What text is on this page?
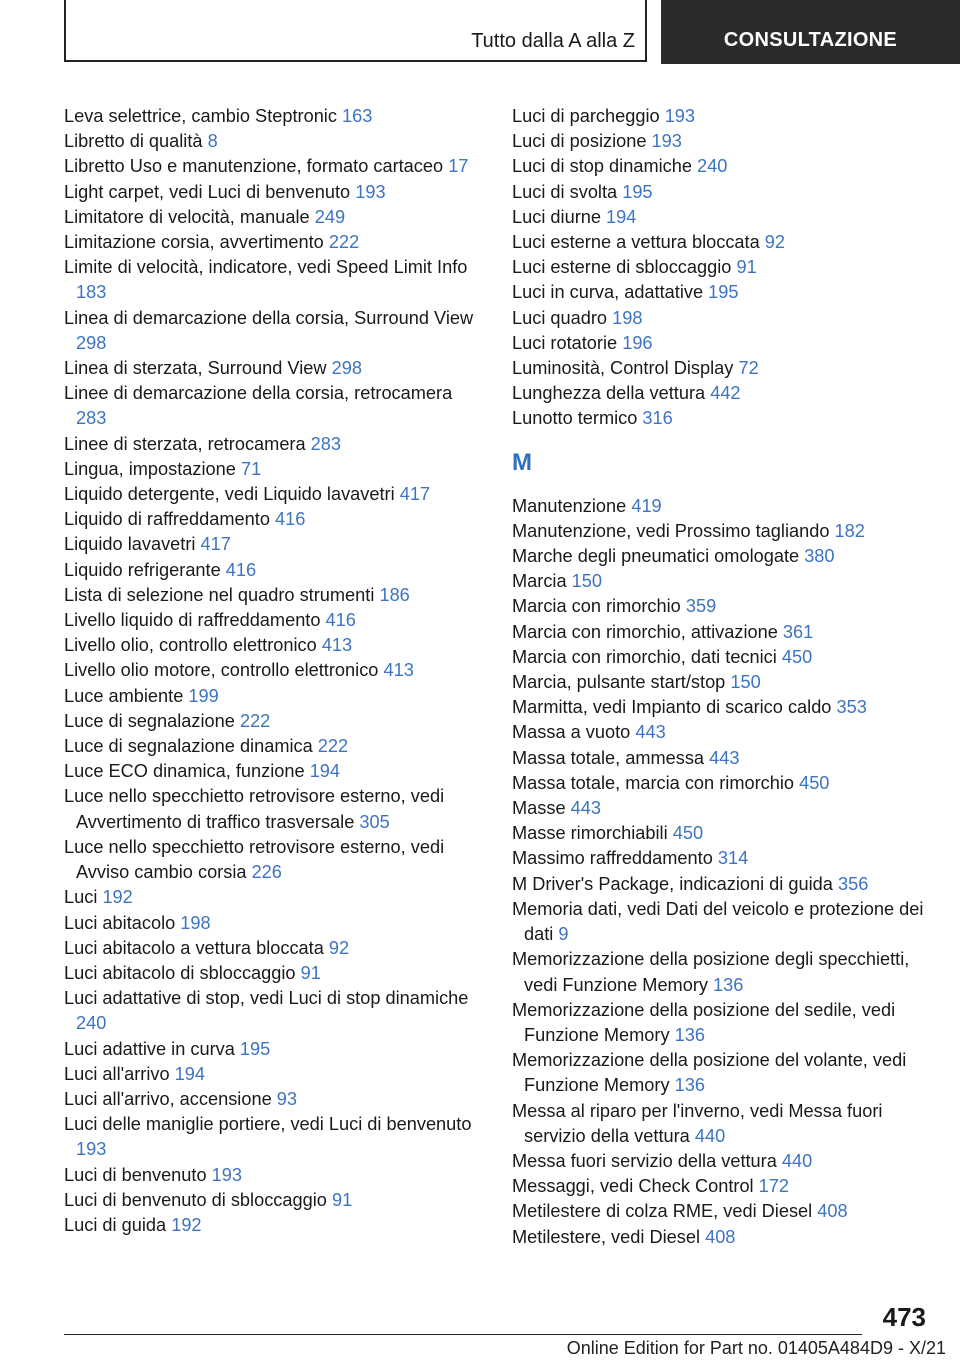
Tutto dalla A alla Z	CONSULTAZIONE
Leva selettrice, cambio Steptronic 163
Libretto di qualità 8
Libretto Uso e manutenzione, formato cartaceo 17
Light carpet, vedi Luci di benvenuto 193
Limitatore di velocità, manuale 249
Limitazione corsia, avvertimento 222
Limite di velocità, indicatore, vedi Speed Limit Info 183
Linea di demarcazione della corsia, Surround View 298
Linea di sterzata, Surround View 298
Linee di demarcazione della corsia, retrocamera 283
Linee di sterzata, retrocamera 283
Lingua, impostazione 71
Liquido detergente, vedi Liquido lavavetri 417
Liquido di raffreddamento 416
Liquido lavavetri 417
Liquido refrigerante 416
Lista di selezione nel quadro strumenti 186
Livello liquido di raffreddamento 416
Livello olio, controllo elettronico 413
Livello olio motore, controllo elettronico 413
Luce ambiente 199
Luce di segnalazione 222
Luce di segnalazione dinamica 222
Luce ECO dinamica, funzione 194
Luce nello specchietto retrovisore esterno, vedi Avvertimento di traffico trasversale 305
Luce nello specchietto retrovisore esterno, vedi Avviso cambio corsia 226
Luci 192
Luci abitacolo 198
Luci abitacolo a vettura bloccata 92
Luci abitacolo di sbloccaggio 91
Luci adattative di stop, vedi Luci di stop dinamiche 240
Luci adattive in curva 195
Luci all'arrivo 194
Luci all'arrivo, accensione 93
Luci delle maniglie portiere, vedi Luci di benvenuto 193
Luci di benvenuto 193
Luci di benvenuto di sbloccaggio 91
Luci di guida 192
Luci di parcheggio 193
Luci di posizione 193
Luci di stop dinamiche 240
Luci di svolta 195
Luci diurne 194
Luci esterne a vettura bloccata 92
Luci esterne di sbloccaggio 91
Luci in curva, adattative 195
Luci quadro 198
Luci rotatorie 196
Luminosità, Control Display 72
Lunghezza della vettura 442
Lunotto termico 316
M
Manutenzione 419
Manutenzione, vedi Prossimo tagliando 182
Marche degli pneumatici omologate 380
Marcia 150
Marcia con rimorchio 359
Marcia con rimorchio, attivazione 361
Marcia con rimorchio, dati tecnici 450
Marcia, pulsante start/stop 150
Marmitta, vedi Impianto di scarico caldo 353
Massa a vuoto 443
Massa totale, ammessa 443
Massa totale, marcia con rimorchio 450
Masse 443
Masse rimorchiabili 450
Massimo raffreddamento 314
M Driver's Package, indicazioni di guida 356
Memoria dati, vedi Dati del veicolo e protezione dei dati 9
Memorizzazione della posizione degli specchietti, vedi Funzione Memory 136
Memorizzazione della posizione del sedile, vedi Funzione Memory 136
Memorizzazione della posizione del volante, vedi Funzione Memory 136
Messa al riparo per l'inverno, vedi Messa fuori servizio della vettura 440
Messa fuori servizio della vettura 440
Messaggi, vedi Check Control 172
Metilestere di colza RME, vedi Diesel 408
Metilestere, vedi Diesel 408
473
Online Edition for Part no. 01405A484D9 - X/21
